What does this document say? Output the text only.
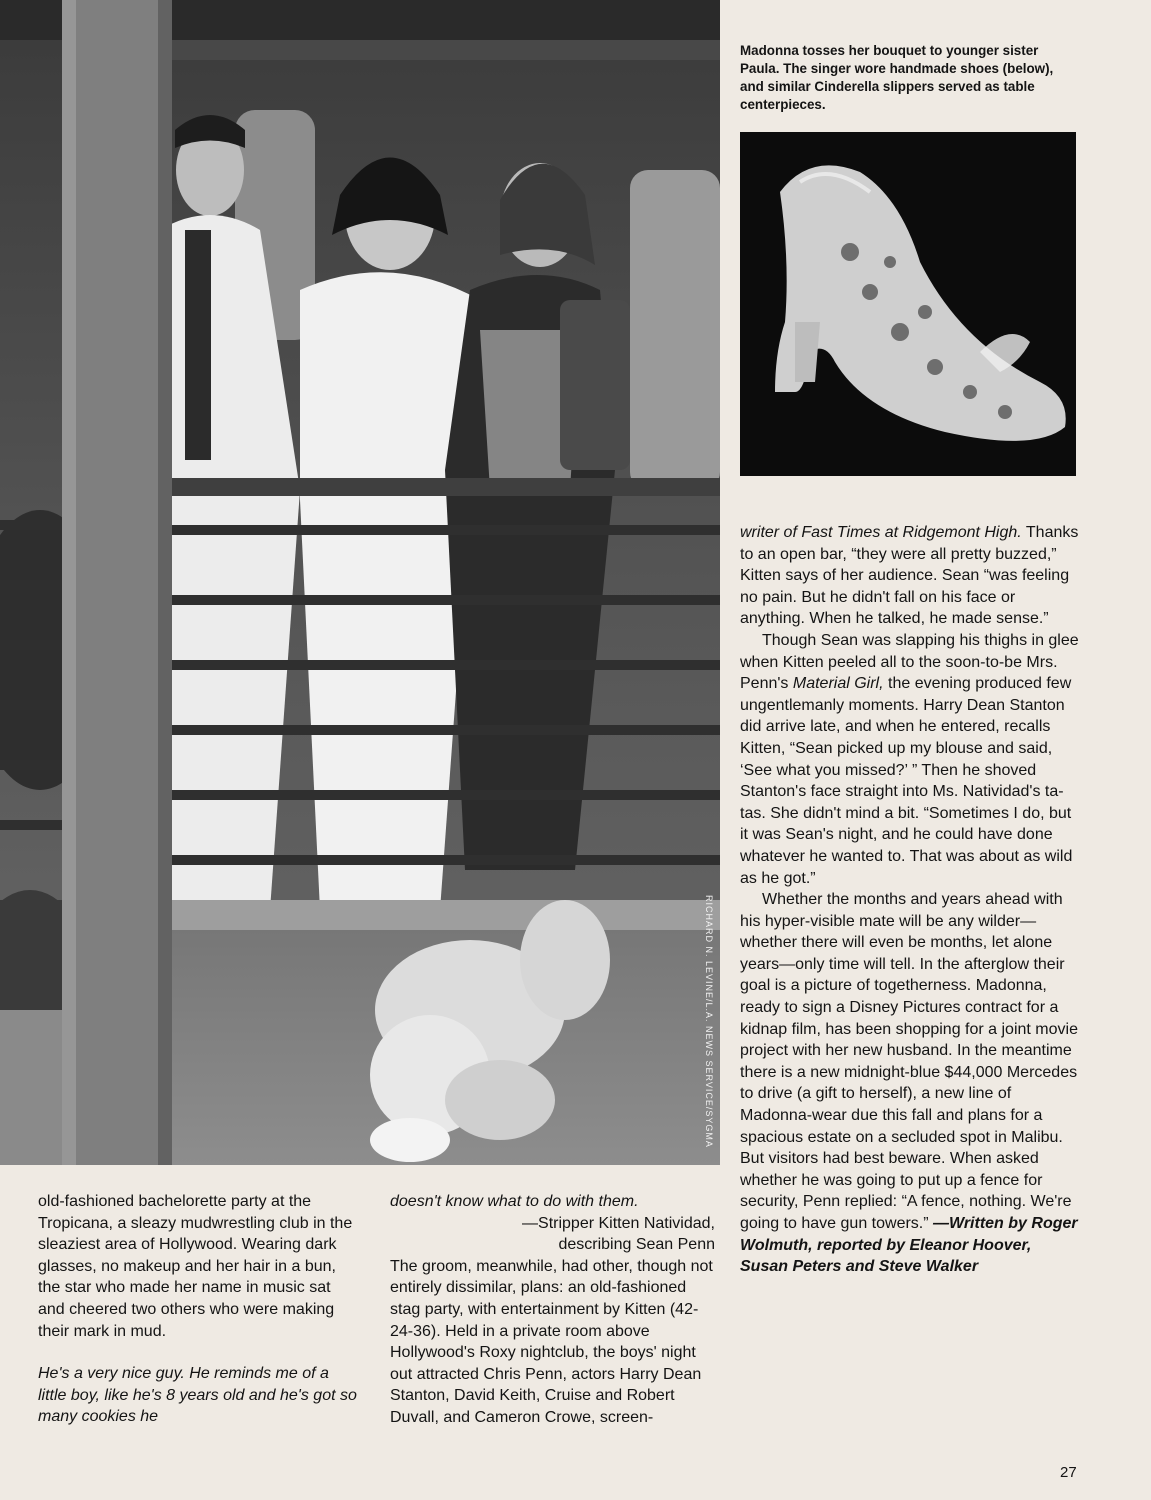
RICHARD N. LEVINE/L.A. NEWS SERVICE/SYGMA
Madonna tosses her bouquet to younger sister Paula. The singer wore handmade shoes (below), and similar Cinderella slippers served as table centerpieces.

writer of Fast Times at Ridgemont High. Thanks to an open bar, “they were all pretty buzzed,” Kitten says of her audience. Sean “was feeling no pain. But he didn't fall on his face or anything. When he talked, he made sense.”

Though Sean was slapping his thighs in glee when Kitten peeled all to the soon-to-be Mrs. Penn's Material Girl, the evening produced few ungentlemanly moments. Harry Dean Stanton did arrive late, and when he entered, recalls Kitten, “Sean picked up my blouse and said, ‘See what you missed?’ ” Then he shoved Stanton's face straight into Ms. Natividad's ta-tas. She didn't mind a bit. “Sometimes I do, but it was Sean's night, and he could have done whatever he wanted to. That was about as wild as he got.”

Whether the months and years ahead with his hyper-visible mate will be any wilder—whether there will even be months, let alone years—only time will tell. In the afterglow their goal is a picture of togetherness. Madonna, ready to sign a Disney Pictures contract for a kidnap film, has been shopping for a joint movie project with her new husband. In the meantime there is a new midnight-blue $44,000 Mercedes to drive (a gift to herself), a new line of Madonna-wear due this fall and plans for a spacious estate on a secluded spot in Malibu. But visitors had best beware. When asked whether he was going to put up a fence for security, Penn replied: “A fence, nothing. We're going to have gun towers.” —Written by Roger Wolmuth, reported by Eleanor Hoover, Susan Peters and Steve Walker

old-fashioned bachelorette party at the Tropicana, a sleazy mudwrestling club in the sleaziest area of Hollywood. Wearing dark glasses, no makeup and her hair in a bun, the star who made her name in music sat and cheered two others who were making their mark in mud.

He's a very nice guy. He reminds me of a little boy, like he's 8 years old and he's got so many cookies he

doesn't know what to do with them.

—Stripper Kitten Natividad,

describing Sean Penn

The groom, meanwhile, had other, though not entirely dissimilar, plans: an old-fashioned stag party, with entertainment by Kitten (42-24-36). Held in a private room above Hollywood's Roxy nightclub, the boys' night out attracted Chris Penn, actors Harry Dean Stanton, David Keith, Cruise and Robert Duvall, and Cameron Crowe, screen-

27
